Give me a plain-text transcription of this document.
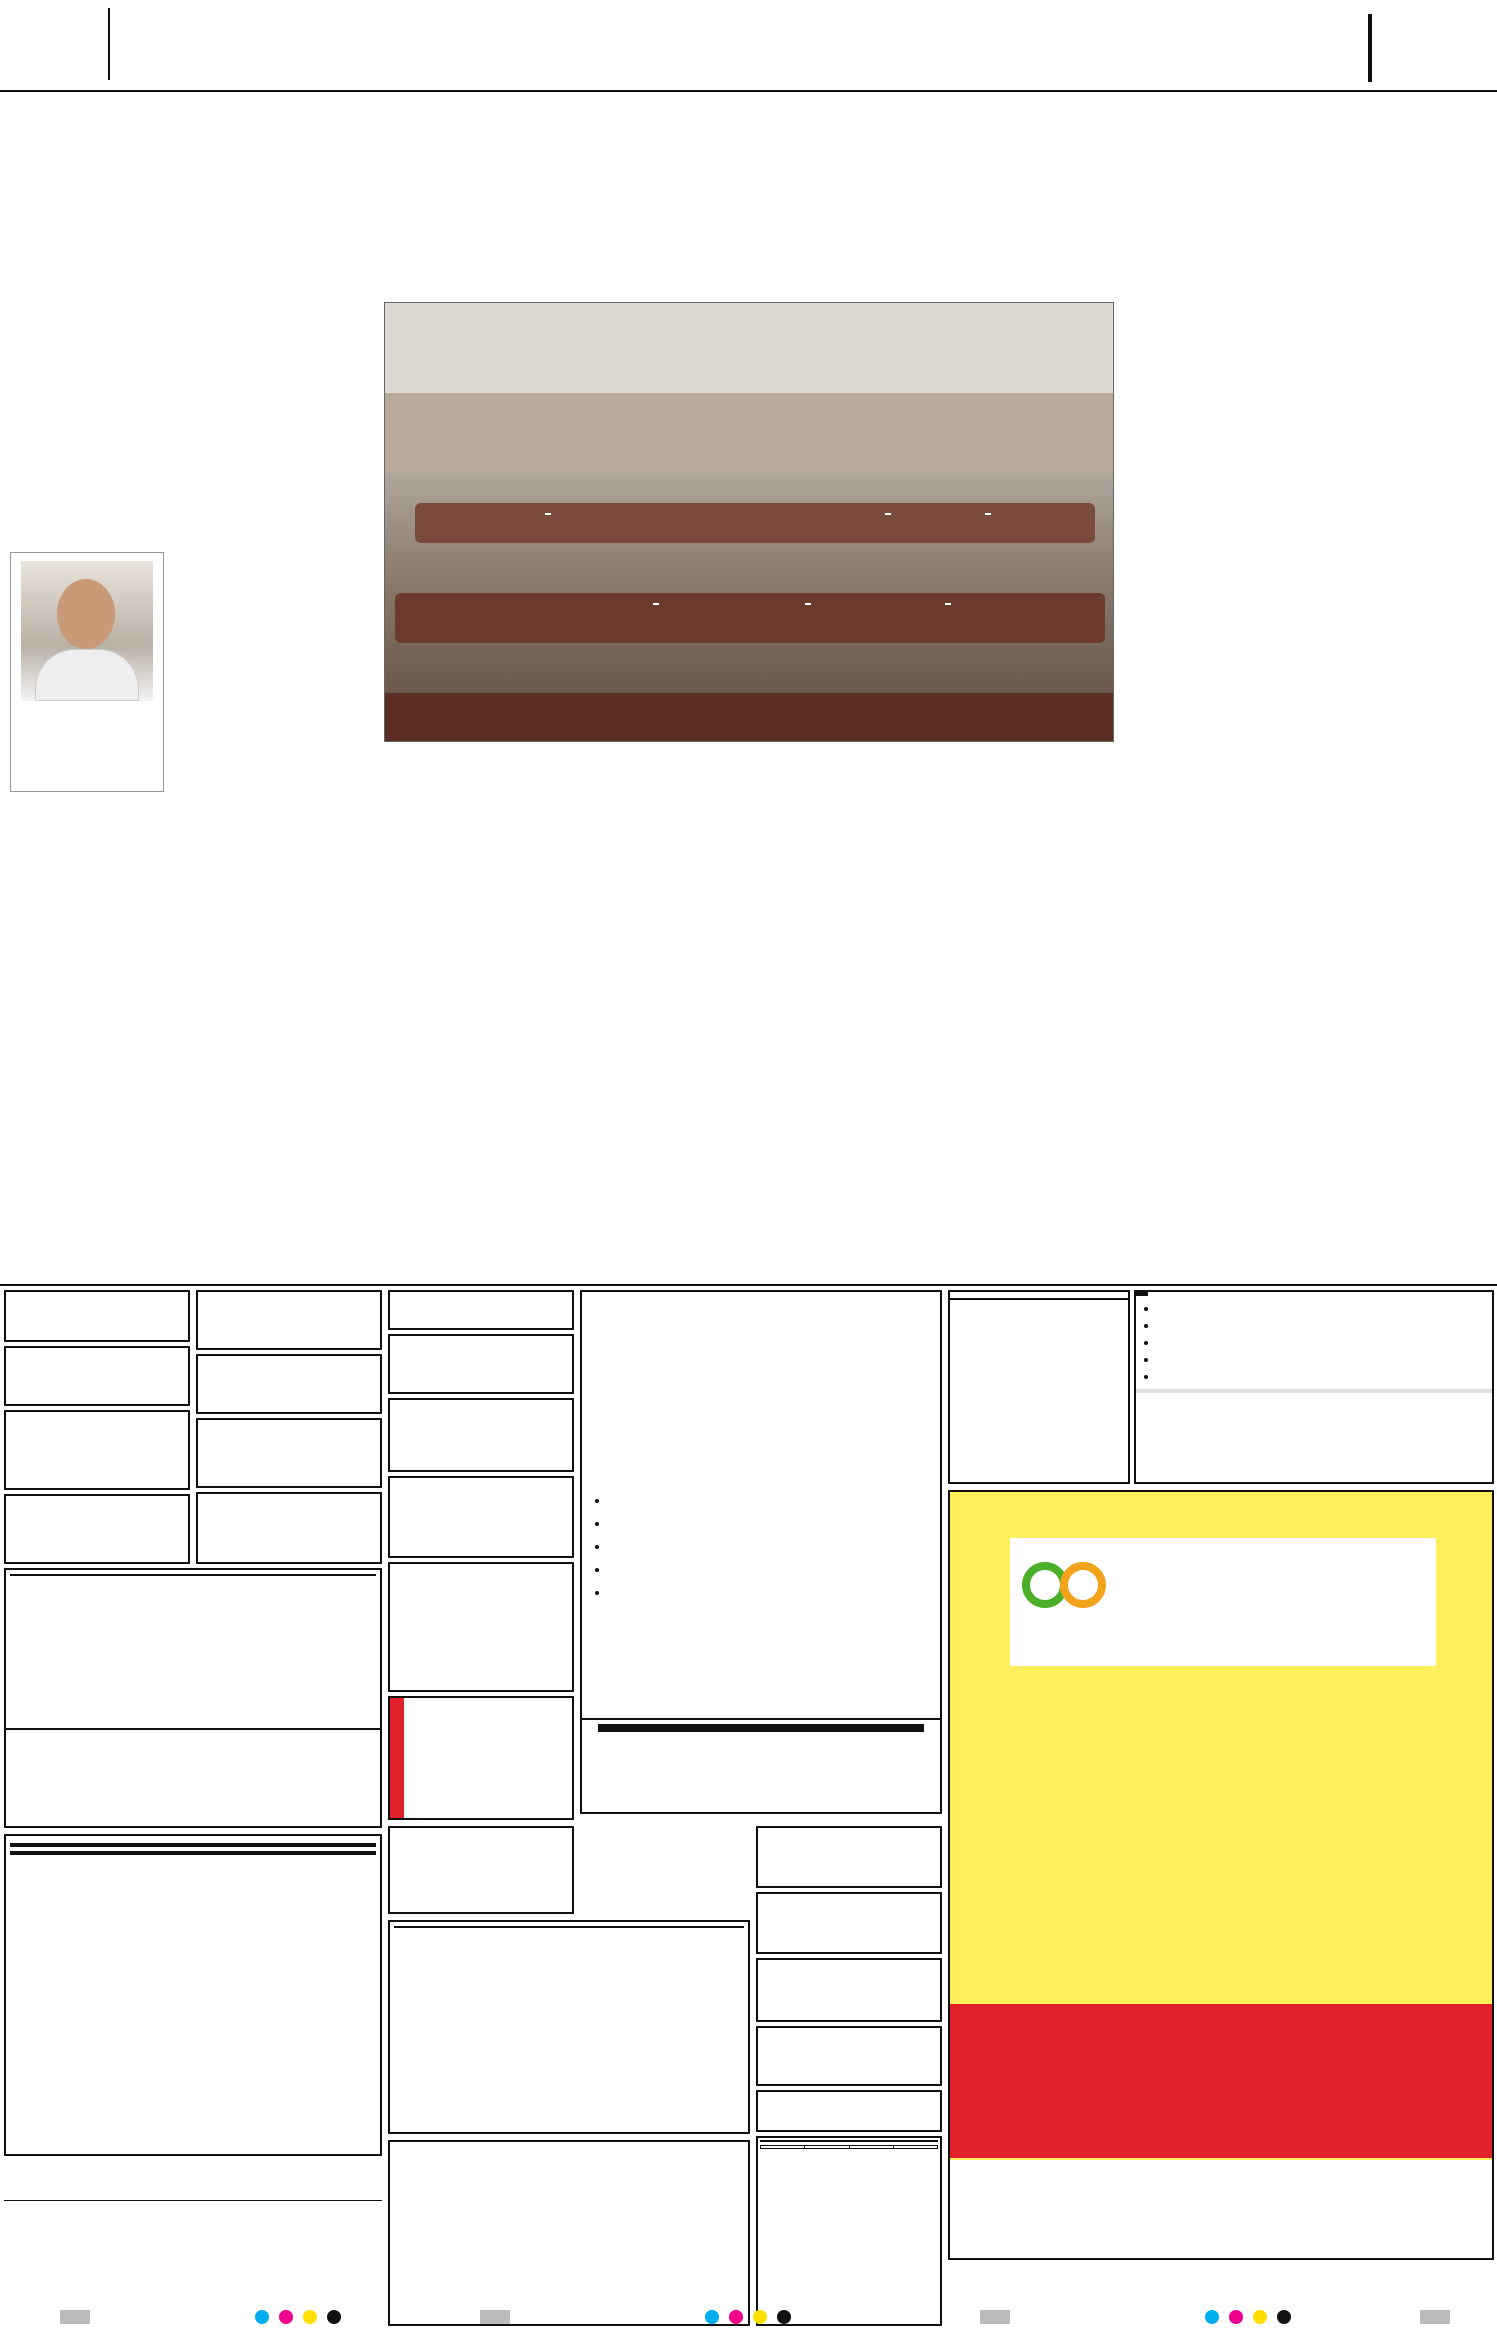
•
•
•
•
•

•
•
•
•
•
